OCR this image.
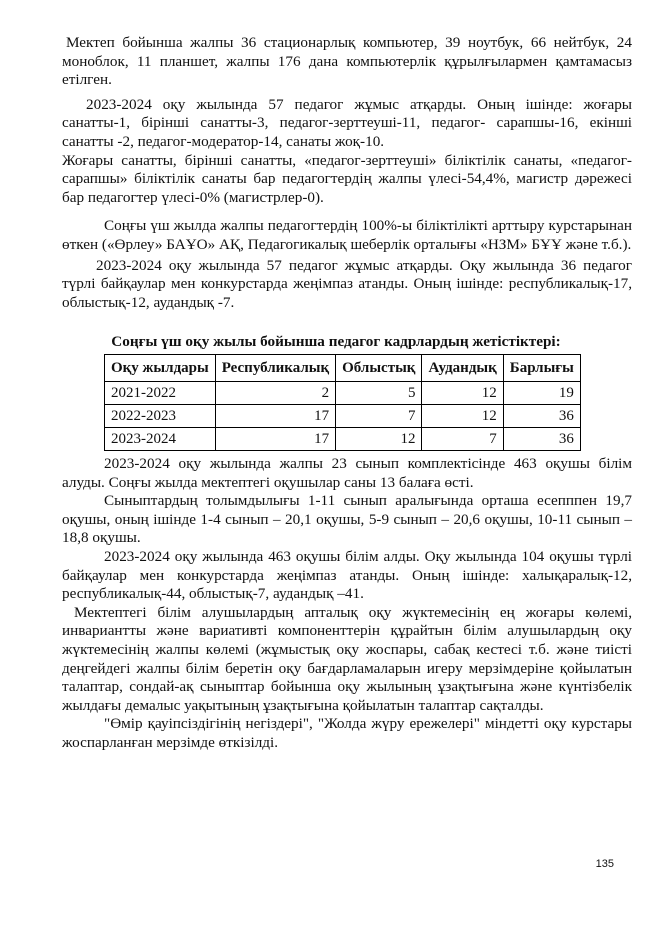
Мектеп бойынша жалпы 36 стационарлық компьютер, 39 ноутбук, 66 нейтбук, 24 моноблок, 11 планшет, жалпы 176 дана компьютерлік құрылғылармен қамтамасыз етілген.

2023-2024 оқу жылында 57 педагог жұмыс атқарды. Оның ішінде: жоғары санатты-1, бірінші санатты-3, педагог-зерттеуші-11, педагог- сарапшы-16, екінші санатты -2, педагог-модератор-14, санаты жоқ-10.

Жоғары санатты, бірінші санатты, «педагог-зерттеуші» біліктілік санаты, «педагог-сарапшы» біліктілік санаты бар педагогтердің жалпы үлесі-54,4%, магистр дәрежесі бар педагогтер үлесі-0% (магистрлер-0).

Соңғы үш жылда жалпы педагогтердің 100%-ы біліктілікті арттыру курстарынан өткен («Өрлеу» БАҰО» АҚ, Педагогикалық шеберлік орталығы «НЗМ» БҰҰ және т.б.).

2023-2024 оқу жылында 57 педагог жұмыс атқарды. Оқу жылында 36 педагог түрлі байқаулар мен конкурстарда жеңімпаз атанды. Оның ішінде: республикалық-17, облыстық-12, аудандық -7.

Соңғы үш оқу жылы бойынша педагог кадрлардың жетістіктері:
Оқу жылдары	Республикалық	Облыстық	Аудандық	Барлығы
2021-2022	2	5	12	19
2022-2023	17	7	12	36
2023-2024	17	12	7	36

2023-2024 оқу жылында жалпы 23 сынып комплектісінде 463 оқушы білім алуды. Соңғы жылда мектептегі оқушылар саны 13 балаға өсті.

Сыныптардың толымдылығы 1-11 сынып аралығында орташа есепппен 19,7 оқушы, оның ішінде 1-4 сынып – 20,1 оқушы, 5-9 сынып – 20,6 оқушы, 10-11 сынып – 18,8 оқушы.

2023-2024 оқу жылында 463 оқушы білім алды. Оқу жылында 104 оқушы түрлі байқаулар мен конкурстарда жеңімпаз атанды. Оның ішінде: халықаралық-12, республикалық-44, облыстық-7, аудандық –41.

Мектептегі білім алушылардың апталық оқу жүктемесінің ең жоғары көлемі, инвариантты және вариативті компоненттерін құрайтын білім алушылардың оқу жүктемесінің жалпы көлемі (жұмыстық оқу жоспары, сабақ кестесі т.б. және тиісті деңгейдегі жалпы білім беретін оқу бағдарламаларын игеру мерзімдеріне қойылатын талаптар, сондай-ақ сыныптар бойынша оқу жылының ұзақтығына және күнтізбелік жылдағы демалыс уақытының ұзақтығына қойылатын талаптар сақталды.

"Өмір қауіпсіздігінің негіздері", "Жолда жүру ережелері" міндетті оқу курстары жоспарланған мерзімде өткізілді.

135
